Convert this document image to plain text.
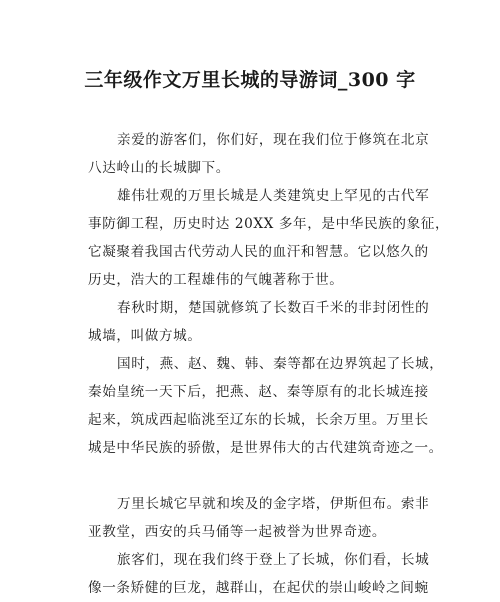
三年级作文万里长城的导游词_300 字
亲爱的游客们，你们好，现在我们位于修筑在北京
八达岭山的长城脚下。
雄伟壮观的万里长城是人类建筑史上罕见的古代军
事防御工程，历史时达 20XX 多年，是中华民族的象征，
它凝聚着我国古代劳动人民的血汗和智慧。它以悠久的
历史，浩大的工程雄伟的气魄著称于世。
春秋时期，楚国就修筑了长数百千米的非封闭性的
城墙，叫做方城。
国时，燕、赵、魏、韩、秦等都在边界筑起了长城，
秦始皇统一天下后，把燕、赵、秦等原有的北长城连接
起来，筑成西起临洮至辽东的长城，长余万里。万里长
城是中华民族的骄傲，是世界伟大的古代建筑奇迹之一。
万里长城它早就和埃及的金字塔，伊斯但布。索非
亚教堂，西安的兵马俑等一起被誉为世界奇迹。
旅客们，现在我们终于登上了长城，你们看，长城
像一条矫健的巨龙，越群山，在起伏的崇山峻岭之间蜿
